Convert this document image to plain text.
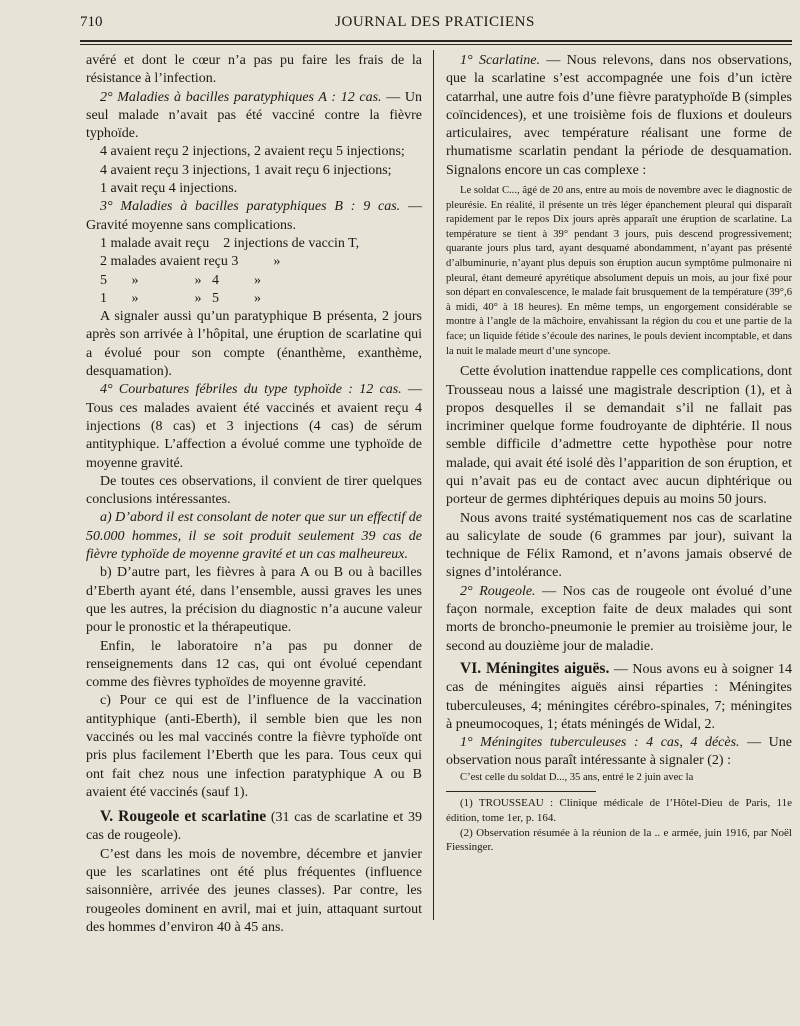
710	JOURNAL DES PRATICIENS

avéré et dont le cœur n’a pas pu faire les frais de la résistance à l’infection.

2° Maladies à bacilles paratyphiques A : 12 cas. — Un seul malade n’avait pas été vacciné contre la fièvre typhoïde.

4 avaient reçu 2 injections, 2 avaient reçu 5 injections;

4 avaient reçu 3 injections, 1 avait reçu 6 injections;

1 avait reçu 4 injections.

3° Maladies à bacilles paratyphiques B : 9 cas. — Gravité moyenne sans complications.

1 malade avait reçu    2 injections de vaccin T,
2 malades avaient reçu 3          »
5       »                »   4          »
1       »                »   5          »

A signaler aussi qu’un paratyphique B présenta, 2 jours après son arrivée à l’hôpital, une éruption de scarlatine qui a évolué pour son compte (énanthème, exanthème, desquamation).

4° Courbatures fébriles du type typhoïde : 12 cas. — Tous ces malades avaient été vaccinés et avaient reçu 4 injections (8 cas) et 3 injections (4 cas) de sérum antityphique. L’affection a évolué comme une typhoïde de moyenne gravité.

De toutes ces observations, il convient de tirer quelques conclusions intéressantes.

a) D’abord il est consolant de noter que sur un effectif de 50.000 hommes, il se soit produit seulement 39 cas de fièvre typhoïde de moyenne gravité et un cas malheureux.

b) D’autre part, les fièvres à para A ou B ou à bacilles d’Eberth ayant été, dans l’ensemble, aussi graves les unes que les autres, la précision du diagnostic n’a aucune valeur pour le pronostic et la thérapeutique.

Enfin, le laboratoire n’a pas pu donner de renseignements dans 12 cas, qui ont évolué cependant comme des fièvres typhoïdes de moyenne gravité.

c) Pour ce qui est de l’influence de la vaccination antityphique (anti-Eberth), il semble bien que les non vaccinés ou les mal vaccinés contre la fièvre typhoïde ont pris plus facilement l’Eberth que les para. Tous ceux qui ont fait chez nous une infection paratyphique A ou B avaient été vaccinés (sauf 1).

V. Rougeole et scarlatine (31 cas de scarlatine et 39 cas de rougeole).

C’est dans les mois de novembre, décembre et janvier que les scarlatines ont été plus fréquentes (influence saisonnière, arrivée des jeunes classes). Par contre, les rougeoles dominent en avril, mai et juin, attaquant surtout des hommes d’environ 40 à 45 ans.

1° Scarlatine. — Nous relevons, dans nos observations, que la scarlatine s’est accompagnée une fois d’un ictère catarrhal, une autre fois d’une fièvre paratyphoïde B (simples coïncidences), et une troisième fois de fluxions et douleurs articulaires, avec température réalisant une forme de rhumatisme scarlatin pendant la période de desquamation. Signalons encore un cas complexe :

Le soldat C..., âgé de 20 ans, entre au mois de novembre avec le diagnostic de pleurésie. En réalité, il présente un très léger épanchement pleural qui disparaît rapidement par le repos Dix jours après apparaît une éruption de scarlatine. La température se tient à 39° pendant 3 jours, puis descend progressivement; quarante jours plus tard, ayant desquamé abondamment, n’ayant pas présenté d’albuminurie, n’ayant plus depuis son éruption aucun symptôme pulmonaire ni pleural, étant demeuré apyrétique absolument depuis un mois, au jour fixé pour son départ en convalescence, le malade fait brusquement de la température (39°,6 à midi, 40° à 18 heures). En même temps, un engorgement considérable se montre à l’angle de la mâchoire, envahissant la région du cou et une partie de la face; un liquide fétide s’écoule des narines, le pouls devient incomptable, et dans la nuit le malade meurt d’une syncope.

Cette évolution inattendue rappelle ces complications, dont Trousseau nous a laissé une magistrale description (1), et à propos desquelles il se demandait s’il ne fallait pas incriminer quelque forme foudroyante de diphtérie. Il nous semble difficile d’admettre cette hypothèse pour notre malade, qui avait été isolé dès l’apparition de son éruption, et qui n’avait pas eu de contact avec aucun diphtérique ou porteur de germes diphtériques depuis au moins 50 jours.

Nous avons traité systématiquement nos cas de scarlatine au salicylate de soude (6 grammes par jour), suivant la technique de Félix Ramond, et n’avons jamais observé de signes d’intolérance.

2° Rougeole. — Nos cas de rougeole ont évolué d’une façon normale, exception faite de deux malades qui sont morts de broncho-pneumonie le premier au troisième jour, le second au douzième jour de maladie.

VI. Méningites aiguës. — Nous avons eu à soigner 14 cas de méningites aiguës ainsi réparties : Méningites tuberculeuses, 4; méningites cérébro-spinales, 7; méningites à pneumocoques, 1; états méningés de Widal, 2.

1° Méningites tuberculeuses : 4 cas, 4 décès. — Une observation nous paraît intéressante à signaler (2) :

C’est celle du soldat D..., 35 ans, entré le 2 juin avec la

(1) TROUSSEAU : Clinique médicale de l’Hôtel-Dieu de Paris, 11e édition, tome 1er, p. 164.

(2) Observation résumée à la réunion de la .. e armée, juin 1916, par Noël Fiessinger.
